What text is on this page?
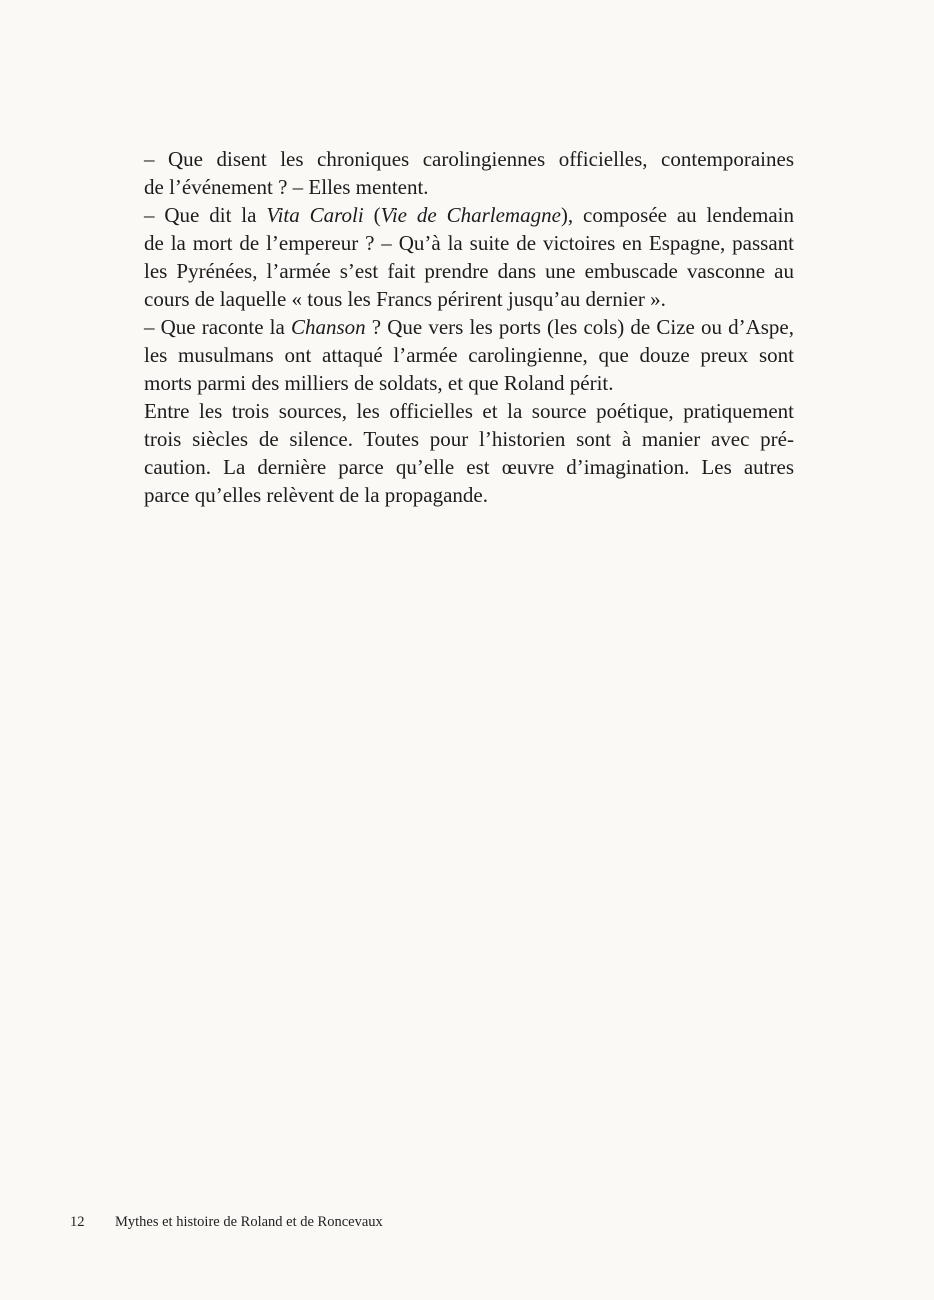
– Que disent les chroniques carolingiennes officielles, contemporaines
de l’événement ? – Elles mentent.
– Que dit la Vita Caroli (Vie de Charlemagne), composée au lendemain
de la mort de l’empereur ? – Qu’à la suite de victoires en Espagne, passant
les Pyrénées, l’armée s’est fait prendre dans une embuscade vasconne au
cours de laquelle « tous les Francs périrent jusqu’au dernier ».
– Que raconte la Chanson ? Que vers les ports (les cols) de Cize ou d’Aspe,
les musulmans ont attaqué l’armée carolingienne, que douze preux sont
morts parmi des milliers de soldats, et que Roland périt.
Entre les trois sources, les officielles et la source poétique, pratiquement
trois siècles de silence. Toutes pour l’historien sont à manier avec pré-
caution. La dernière parce qu’elle est œuvre d’imagination. Les autres
parce qu’elles relèvent de la propagande.
12 Mythes et histoire de Roland et de Roncevaux
